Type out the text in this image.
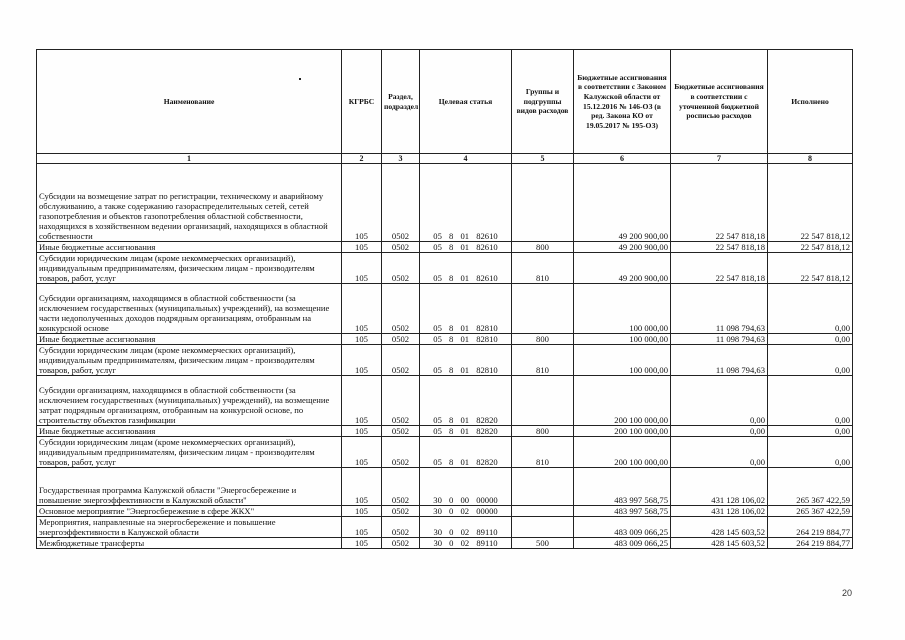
Наименование	КГРБС	Раздел, подраздел	Целевая статья	Группы и подгруппы видов расходов	Бюджетные ассигнования в соответствии с Законом Калужской области от 15.12.2016 № 146-ОЗ (в ред. Закона КО от 19.05.2017 № 195-ОЗ)	Бюджетные ассигнования в соответствии с уточненной бюджетной росписью расходов	Исполнено
1	2	3	4	5	6	7	8
Субсидии на возмещение затрат по регистрации, техническому и аварийному обслуживанию, а также содержанию газораспределительных сетей, сетей газопотребления и объектов газопотребления областной собственности, находящихся в хозяйственном ведении организаций, находящихся в областной собственности	105	0502	05 8 01 82610		49 200 900,00	22 547 818,18	22 547 818,12
Иные бюджетные ассигнования	105	0502	05 8 01 82610	800	49 200 900,00	22 547 818,18	22 547 818,12
Субсидии юридическим лицам (кроме некоммерческих организаций), индивидуальным предпринимателям, физическим лицам - производителям товаров, работ, услуг	105	0502	05 8 01 82610	810	49 200 900,00	22 547 818,18	22 547 818,12
Субсидии организациям, находящимся в областной собственности (за исключением государственных (муниципальных) учреждений), на возмещение части недополученных доходов подрядным организациям, отобранным на конкурсной основе	105	0502	05 8 01 82810		100 000,00	11 098 794,63	0,00
Иные бюджетные ассигнования	105	0502	05 8 01 82810	800	100 000,00	11 098 794,63	0,00
Субсидии юридическим лицам (кроме некоммерческих организаций), индивидуальным предпринимателям, физическим лицам - производителям товаров, работ, услуг	105	0502	05 8 01 82810	810	100 000,00	11 098 794,63	0,00
Субсидии организациям, находящимся в областной собственности (за исключением государственных (муниципальных) учреждений), на возмещение затрат подрядным организациям, отобранным на конкурсной основе, по строительству объектов газификации	105	0502	05 8 01 82820		200 100 000,00	0,00	0,00
Иные бюджетные ассигнования	105	0502	05 8 01 82820	800	200 100 000,00	0,00	0,00
Субсидии юридическим лицам (кроме некоммерческих организаций), индивидуальным предпринимателям, физическим лицам - производителям товаров, работ, услуг	105	0502	05 8 01 82820	810	200 100 000,00	0,00	0,00
Государственная программа Калужской области "Энергосбережение и повышение энергоэффективности в Калужской области"	105	0502	30 0 00 00000		483 997 568,75	431 128 106,02	265 367 422,59
Основное мероприятие "Энергосбережение в сфере ЖКХ"	105	0502	30 0 02 00000		483 997 568,75	431 128 106,02	265 367 422,59
Мероприятия, направленные на энергосбережение и повышение энергоэффективности в Калужской области	105	0502	30 0 02 89110		483 009 066,25	428 145 603,52	264 219 884,77
Межбюджетные трансферты	105	0502	30 0 02 89110	500	483 009 066,25	428 145 603,52	264 219 884,77
20
